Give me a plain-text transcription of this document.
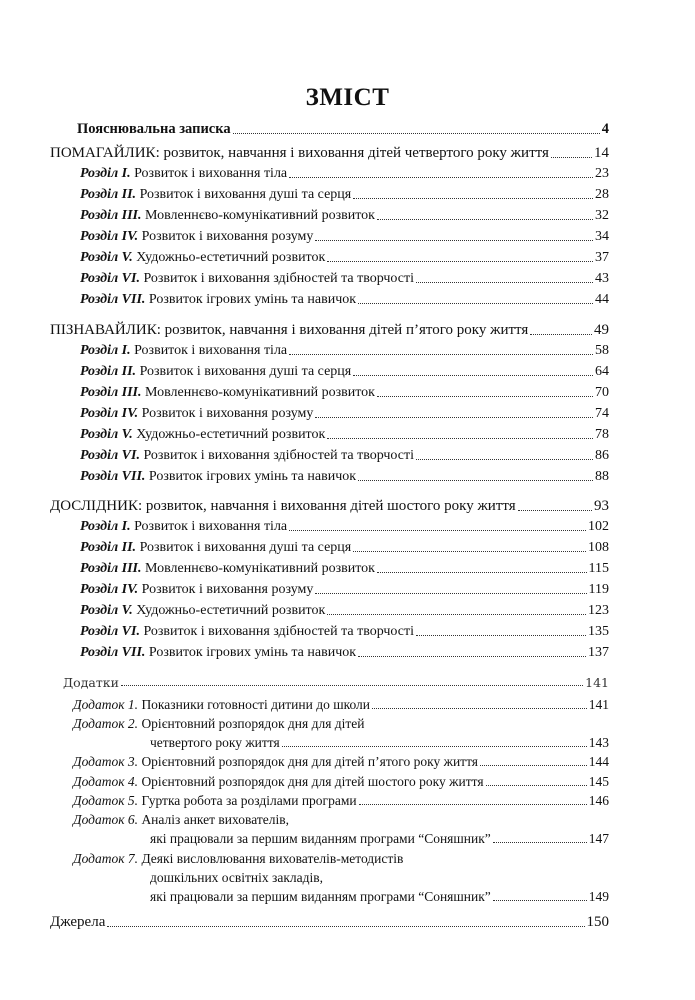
ЗМІСТ
Пояснювальна записка	4
ПОМАГАЙЛИК: розвиток, навчання і виховання дітей четвертого року життя	14
Розділ I. Розвиток і виховання тіла	23
Розділ II. Розвиток і виховання душі та серця	28
Розділ III. Мовленнєво-комунікативний розвиток	32
Розділ IV. Розвиток і виховання розуму	34
Розділ V. Художньо-естетичний розвиток	37
Розділ VI. Розвиток і виховання здібностей та творчості	43
Розділ VII. Розвиток ігрових умінь та навичок	44
ПІЗНАВАЙЛИК: розвиток, навчання і виховання дітей п’ятого року життя	49
Розділ I. Розвиток і виховання тіла	58
Розділ II. Розвиток і виховання душі та серця	64
Розділ III. Мовленнєво-комунікативний розвиток	70
Розділ IV. Розвиток і виховання розуму	74
Розділ V. Художньо-естетичний розвиток	78
Розділ VI. Розвиток і виховання здібностей та творчості	86
Розділ VII. Розвиток ігрових умінь та навичок	88
ДОСЛІДНИК: розвиток, навчання і виховання дітей шостого року життя	93
Розділ I. Розвиток і виховання тіла	102
Розділ II. Розвиток і виховання душі та серця	108
Розділ III. Мовленнєво-комунікативний розвиток	115
Розділ IV. Розвиток і виховання розуму	119
Розділ V. Художньо-естетичний розвиток	123
Розділ VI. Розвиток і виховання здібностей та творчості	135
Розділ VII. Розвиток ігрових умінь та навичок	137
Додатки	141
Додаток 1. Показники готовності дитини до школи	141
Додаток 2. Орієнтовний розпорядок дня для дітей
четвертого року життя	143
Додаток 3. Орієнтовний розпорядок дня для дітей п’ятого року життя	144
Додаток 4. Орієнтовний розпорядок дня для дітей шостого року життя	145
Додаток 5. Гуртка робота за розділами програми	146
Додаток 6. Аналіз анкет вихователів,
які працювали за першим виданням програми “Соняшник”	147
Додаток 7. Деякі висловлювання вихователів-методистів
дошкільних освітніх закладів,
які працювали за першим виданням програми “Соняшник”	149
Джерела	150
